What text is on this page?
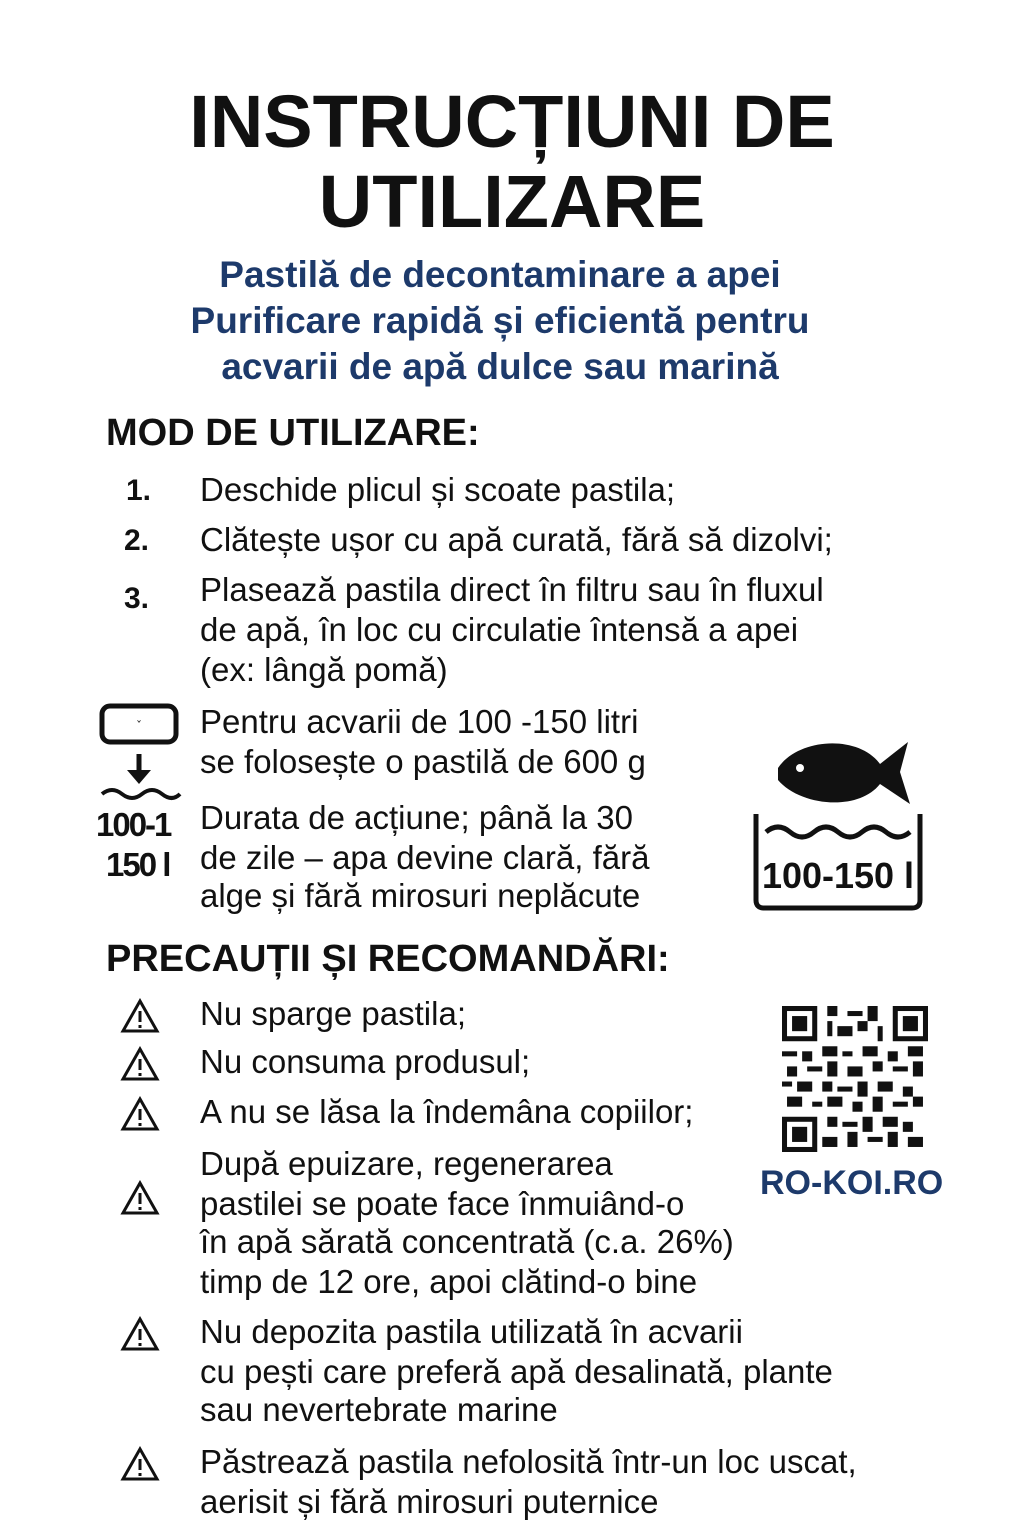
INSTRUCȚIUNI DE
UTILIZARE
Pastilă de decontaminare a apei
Purificare rapidă și eficientă pentru
acvarii de apă dulce sau marină
MOD DE UTILIZARE:
1. Deschide plicul și scoate pastila;
2. Clătește ușor cu apă curată, fără să dizolvi;
3. Plasează pastila direct în filtru sau în fluxul
de apă, în loc cu circulatie întensă a apei
(ex: lângă pomă)
ˇ
100-1
150 l
Pentru acvarii de 100 -150 litri
se folosește o pastilă de 600 g
Durata de acțiune; până la 30
de zile – apa devine clară, fără
alge și fără mirosuri neplăcute	100-150 l
PRECAUȚII ȘI RECOMANDĂRI:
Nu sparge pastila;
Nu consuma produsul;
A nu se lăsa la îndemâna copiilor;
După epuizare, regenerarea
pastilei se poate face înmuiând-o
în apă sărată concentrată (c.a. 26%)
timp de 12 ore, apoi clătind-o bine
Nu depozita pastila utilizată în acvarii
cu pești care preferă apă desalinată, plante
sau nevertebrate marine
Păstrează pastila nefolosită într-un loc uscat,
aerisit și fără mirosuri puternice
RO-KOI.RO
